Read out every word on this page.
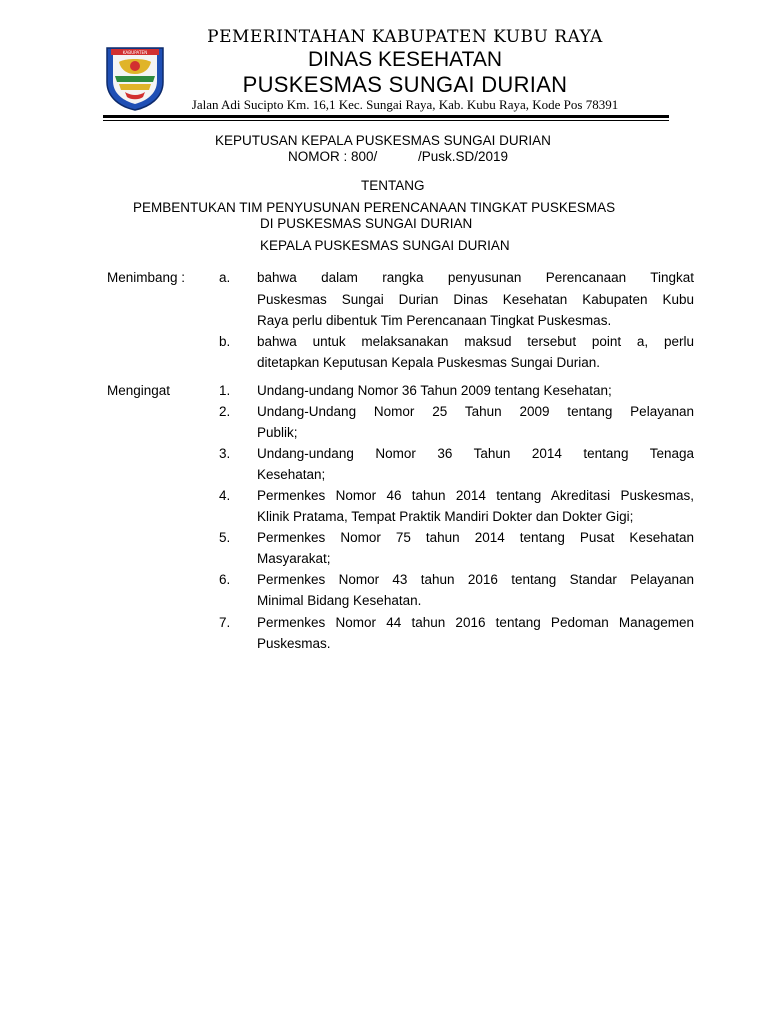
KABUPATEN
PEMERINTAHAN KABUPATEN KUBU RAYA
DINAS KESEHATAN
PUSKESMAS SUNGAI DURIAN
Jalan Adi Sucipto Km. 16,1 Kec. Sungai Raya, Kab. Kubu Raya, Kode Pos 78391
KEPUTUSAN KEPALA PUSKESMAS SUNGAI DURIAN
NOMOR : 800/	/Pusk.SD/2019
TENTANG
PEMBENTUKAN TIM PENYUSUNAN PERENCANAAN TINGKAT PUSKESMAS
DI PUSKESMAS SUNGAI DURIAN
KEPALA PUSKESMAS SUNGAI DURIAN
Menimbang :	a. bahwa dalam rangka penyusunan Perencanaan Tingkat
Puskesmas Sungai Durian Dinas Kesehatan Kabupaten Kubu
Raya perlu dibentuk Tim Perencanaan Tingkat Puskesmas.
b. bahwa untuk melaksanakan maksud tersebut point a, perlu
ditetapkan Keputusan Kepala Puskesmas Sungai Durian.
Mengingat	1. Undang-undang Nomor 36 Tahun 2009 tentang Kesehatan;
2. Undang-Undang Nomor 25 Tahun 2009 tentang Pelayanan
Publik;
3. Undang-undang Nomor 36 Tahun 2014 tentang Tenaga
Kesehatan;
4. Permenkes Nomor 46 tahun 2014 tentang Akreditasi Puskesmas,
Klinik Pratama, Tempat Praktik Mandiri Dokter dan Dokter Gigi;
5. Permenkes Nomor 75 tahun 2014 tentang Pusat Kesehatan
Masyarakat;
6. Permenkes Nomor 43 tahun 2016 tentang Standar Pelayanan
Minimal Bidang Kesehatan.
7. Permenkes Nomor 44 tahun 2016 tentang Pedoman Managemen
Puskesmas.
